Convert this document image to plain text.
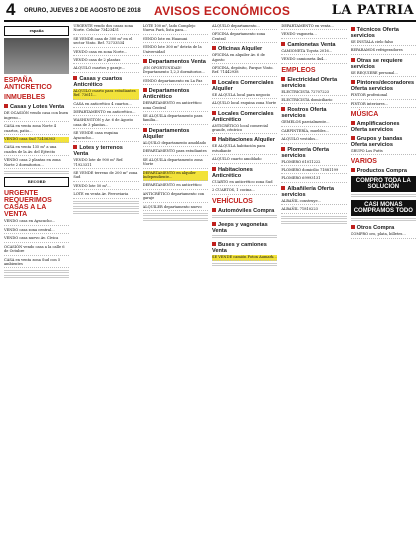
4 ORURO, JUEVES 2 DE AGOSTO DE 2018 AVISOS ECONÓMICOS	LA PATRIA
españa
ESPAÑA ANTICRETICO
INMUEBLES
Casas y Lotes Venta
DE OCASIÓN vendo casa con buen ingreso...
CASA en venta zona Norte 4 cuartos, patio...
VENDO casa Sud 72456363
CASA en venta 135 m² a una cuadra de la Av. del Ejército
VENDO casa 2 plantas en zona Norte 2 dormitorios...
RECORD
URGENTE REQUERIMOS CASAS A LA VENTA
VENDO casa en Ayacucho...
VENDO casa zona central...
VENDO casa nuevo Av. Cívica
OCASIÓN vendo casa a la calle 6 de Octubre
CASA en venta zona Sud con 5 ambientes
URGENTE vendo dos casas zona Norte. Celular 73423431
SE VENDE casa de 300 m² en el sector Vinto. Ref. 72733534
VENDO casa en zona Norte...
VENDO casa de 2 plantas
ALQUILO cuartos y garaje...
Casas y cuartos Anticrético
ALQUILO cuarto para estudiantes Ref. 73611...
CASA en anticrético 4 cuartos...
DEPARTAMENTO en anticrético...
WASHINGTON y Av. 6 de Agosto casa de 3 plantas...
SE VENDE casa esquina Ayacucho...
Lotes y terrenos Venta
VENDO lote de 900 m² Ref. 71923311
SE VENDE terreno de 200 m² zona Sud
VENDO lote 50 m²...
LOTE en venta Av. Ferroviaria
LOTE 100 m², lado Complejo Nueva Pará, lista para...
VENDO lote en Huanuni
VENDO lote 300 m² detrás de la Universidad
Departamentos Venta
¡EN OPORTUNIDAD! Departamento 1,2,3 dormitorios...
VENDO departamento en La Paz
Departamentos Anticrético
DEPARTAMENTO en anticrético zona Central
SE ALQUILA departamento para familia...
Departamentos Alquiler
ALQUILO departamento amoblado
DEPARTAMENTO para estudiantes
SE ALQUILA departamento zona Norte
DEPARTAMENTO en alquiler Independiente...
DEPARTAMENTO en anticrético
ANTICRÉTICO departamento con garaje
ALQUILER departamento nuevo
ALQUILO departamento...
OFICINA departamento zona Central
Oficinas Alquiler
OFICINA en alquiler Av. 6 de Agosto
OFICINA, depósito, Parque Vinto. Ref. 71442938
Locales Comerciales Alquiler
SE ALQUILA local para negocio
ALQUILO local esquina zona Norte
Locales Comerciales Anticrético
ANTICRÉTICO local comercial grande, céntrico
Habitaciones Alquiler
SE ALQUILA habitación para estudiante
ALQUILO cuarto amoblado
Habitaciones Anticrético
CUARTO en anticrético zona Sud
2 CUARTOS, 1 cocina...
VEHÍCULOS
Automóviles Compra
Jeeps y vagonetas Venta
Buses y camiones Venta
SE VENDE camión Foton Aumark...
DEPARTAMENTO en venta...
VENDO vagoneta...
Camionetas Venta
CAMIONETA Toyota 2016...
VENDO camioneta 4x4...
EMPLEOS
Electricidad Oferta servicios
ELECTRICISTA 72707223
ELECTRICISTA domiciliario
Rostros Oferta servicios
GEMELOS parcialmente...
CARPINTERÍA, muebles...
ALQUILO vestidos...
Plomería Oferta servicios
PLOMERO 61011222
PLOMERO domicilio 71881199
PLOMERO 69993131
Albañilería Oferta servicios
ALBAÑIL construye...
ALBAÑIL 71810223
Técnicos Oferta servicios
SE INSTALA cielo falso
REPARAMOS refrigeradores
Otras se requiere servicios
SE REQUIERE personal...
Pintores/decoradores Oferta servicios
PINTOR profesional
PINTOR interiores...
MÚSICA
Amplificaciones Oferta servicios
Grupos y bandas Oferta servicios
GRUPO Los Putts
VARIOS
Productos Compra
COMPRO TODA LA SOLUCIÓN
CASI MONAS COMPRAMOS TODO
Otros Compra
COMPRO oro, plata, billetes...
